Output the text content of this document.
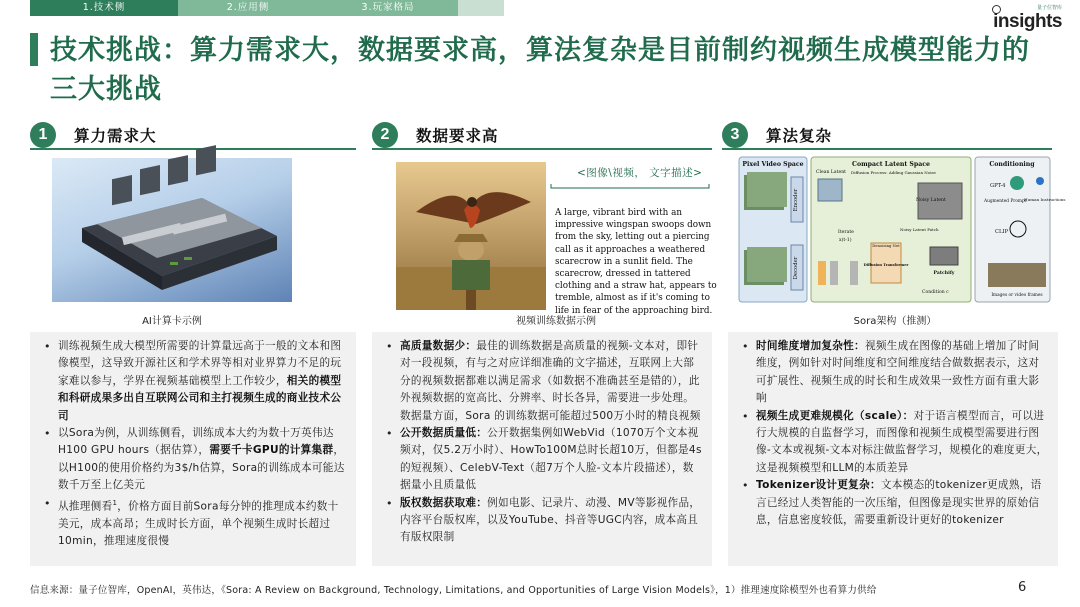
1.技术侧	2.应用侧	3.玩家格局	量子位智库
insights
技术挑战：算力需求大，数据要求高，算法复杂是目前制约视频生成模型能力的三大挑战
1	算力需求大	2	数据要求高	3	算法复杂
AI计算卡示例
<图像\视频， 文字描述>
A large, vibrant bird with an impressive wingspan swoops down from the sky, letting out a piercing call as it approaches a weathered scarecrow in a sunlit field. The scarecrow, dressed in tattered clothing and a straw hat, appears to tremble, almost as if it's coming to life in fear of the approaching bird.
视频训练数据示例
Pixel Video Space
Encoder
Decoder
Compact Latent Space
Clean Latent Diffusion Process: Adding Gaussian Noise
Noisy Latent
Noisy Latent Patch
Iterate
x(t-1)
Denoising Net
Diffusion Transformer
Patchify
Condition c
Conditioning
GPT-4
Augmented Prompt
Human Instructions
CLIP
Images or video frames
Sora架构（推测）
• 训练视频生成大模型所需要的计算量远高于一般的文本和图像模型，这导致开源社区和学术界等相对业界算力不足的玩家难以参与，学界在视频基础模型上工作较少，相关的模型和科研成果多出自互联网公司和主打视频生成的商业技术公司
• 以Sora为例，从训练侧看，训练成本大约为数十万英伟达H100 GPU hours（据估算），需要千卡GPU的计算集群，以H100的使用价格约为3$/h估算，Sora的训练成本可能达数千万至上亿美元
• 从推理侧看$^1$，价格方面目前Sora每分钟的推理成本约数十美元，成本高昂；生成时长方面，单个视频生成时长超过10min，推理速度很慢
• 高质量数据少：最佳的训练数据是高质量的视频-文本对，即针对一段视频，有与之对应详细准确的文字描述，互联网上大部分的视频数据都难以满足需求（如数据不准确甚至是错的），此外视频数据的宽高比、分辨率、时长各异，需要进一步处理。数据量方面，Sora 的训练数据可能超过500万小时的精良视频
• 公开数据质量低：公开数据集例如WebVid（1070万个文本视频对，仅5.2万小时）、HowTo100M总时长超10万，但都是4s的短视频）、CelebV-Text（超7万个人脸-文本片段描述），数据量小且质量低
• 版权数据获取难：例如电影、记录片、动漫、MV等影视作品，内容平台版权库，以及YouTube、抖音等UGC内容，成本高且有版权限制
• 时间维度增加复杂性：视频生成在图像的基础上增加了时间维度，例如针对时间维度和空间维度结合做数据表示，这对可扩展性、视频生成的时长和生成效果一致性方面有重大影响
• 视频生成更难规模化（scale）：对于语言模型而言，可以进行大规模的自监督学习，而图像和视频生成模型需要进行图像-文本或视频-文本对标注做监督学习，规模化的难度更大，这是视频模型和LLM的本质差异
• Tokenizer设计更复杂：文本模态的tokenizer更成熟，语言已经过人类智能的一次压缩，但图像是现实世界的原始信息，信息密度较低，需要重新设计更好的tokenizer
信息来源：量子位智库，OpenAI，英伟达，《Sora: A Review on Background, Technology, Limitations, and Opportunities of Large Vision Models》，1）推理速度除模型外也看算力供给	6
